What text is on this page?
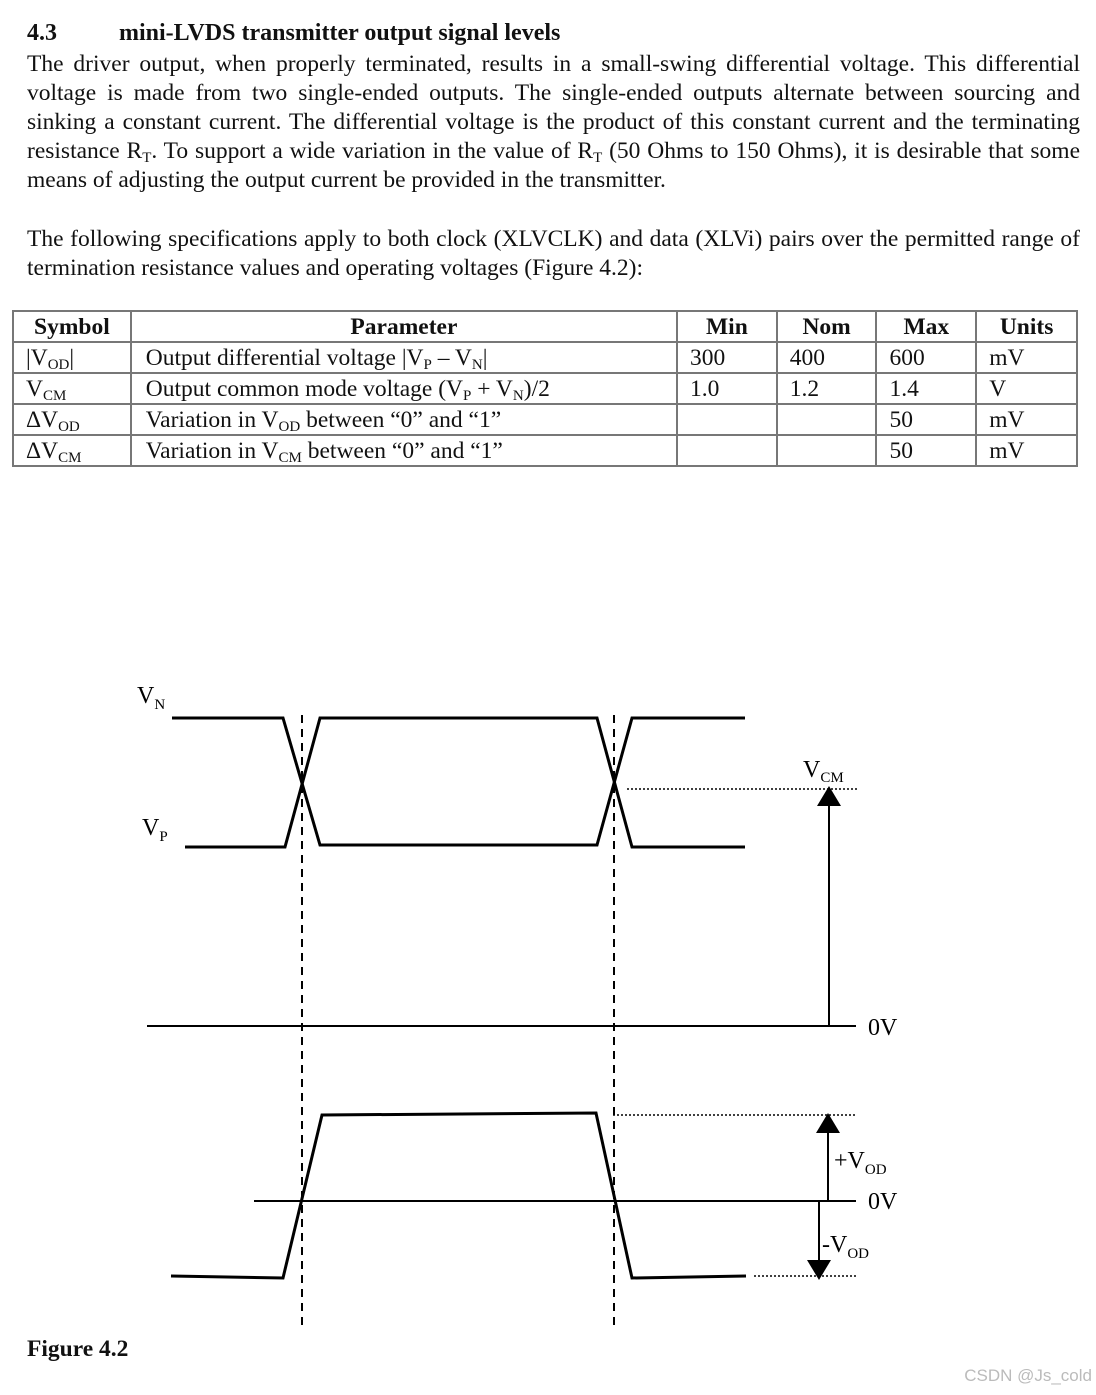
4.3	mini-LVDS transmitter output signal levels

The driver output, when properly terminated, results in a small-swing differential voltage. This differential voltage is made from two single-ended outputs. The single-ended outputs alternate between sourcing and sinking a constant current. The differential voltage is the product of this constant current and the terminating resistance $R_T$. To support a wide variation in the value of $R_T$ (50 Ohms to 150 Ohms), it is desirable that some means of adjusting the output current be provided in the transmitter.

The following specifications apply to both clock (XLVCLK) and data (XLVi) pairs over the permitted range of termination resistance values and operating voltages (Figure 4.2):

Symbol	Parameter	Min	Nom	Max	Units
$|V_{OD}|$	Output differential voltage $|V_P - V_N|$	300	400	600	mV
$V_{CM}$	Output common mode voltage $(V_P + V_N)/2$	1.0	1.2	1.4	V
$\Delta V_{OD}$	Variation in $V_{OD}$ between “0” and “1”			50	mV
$\Delta V_{CM}$	Variation in $V_{CM}$ between “0” and “1”			50	mV
$V_N$
$V_P$
$V_{CM}$
0V
$+V_{OD}$
0V
$-V_{OD}$
Figure 4.2
CSDN @Js_cold
